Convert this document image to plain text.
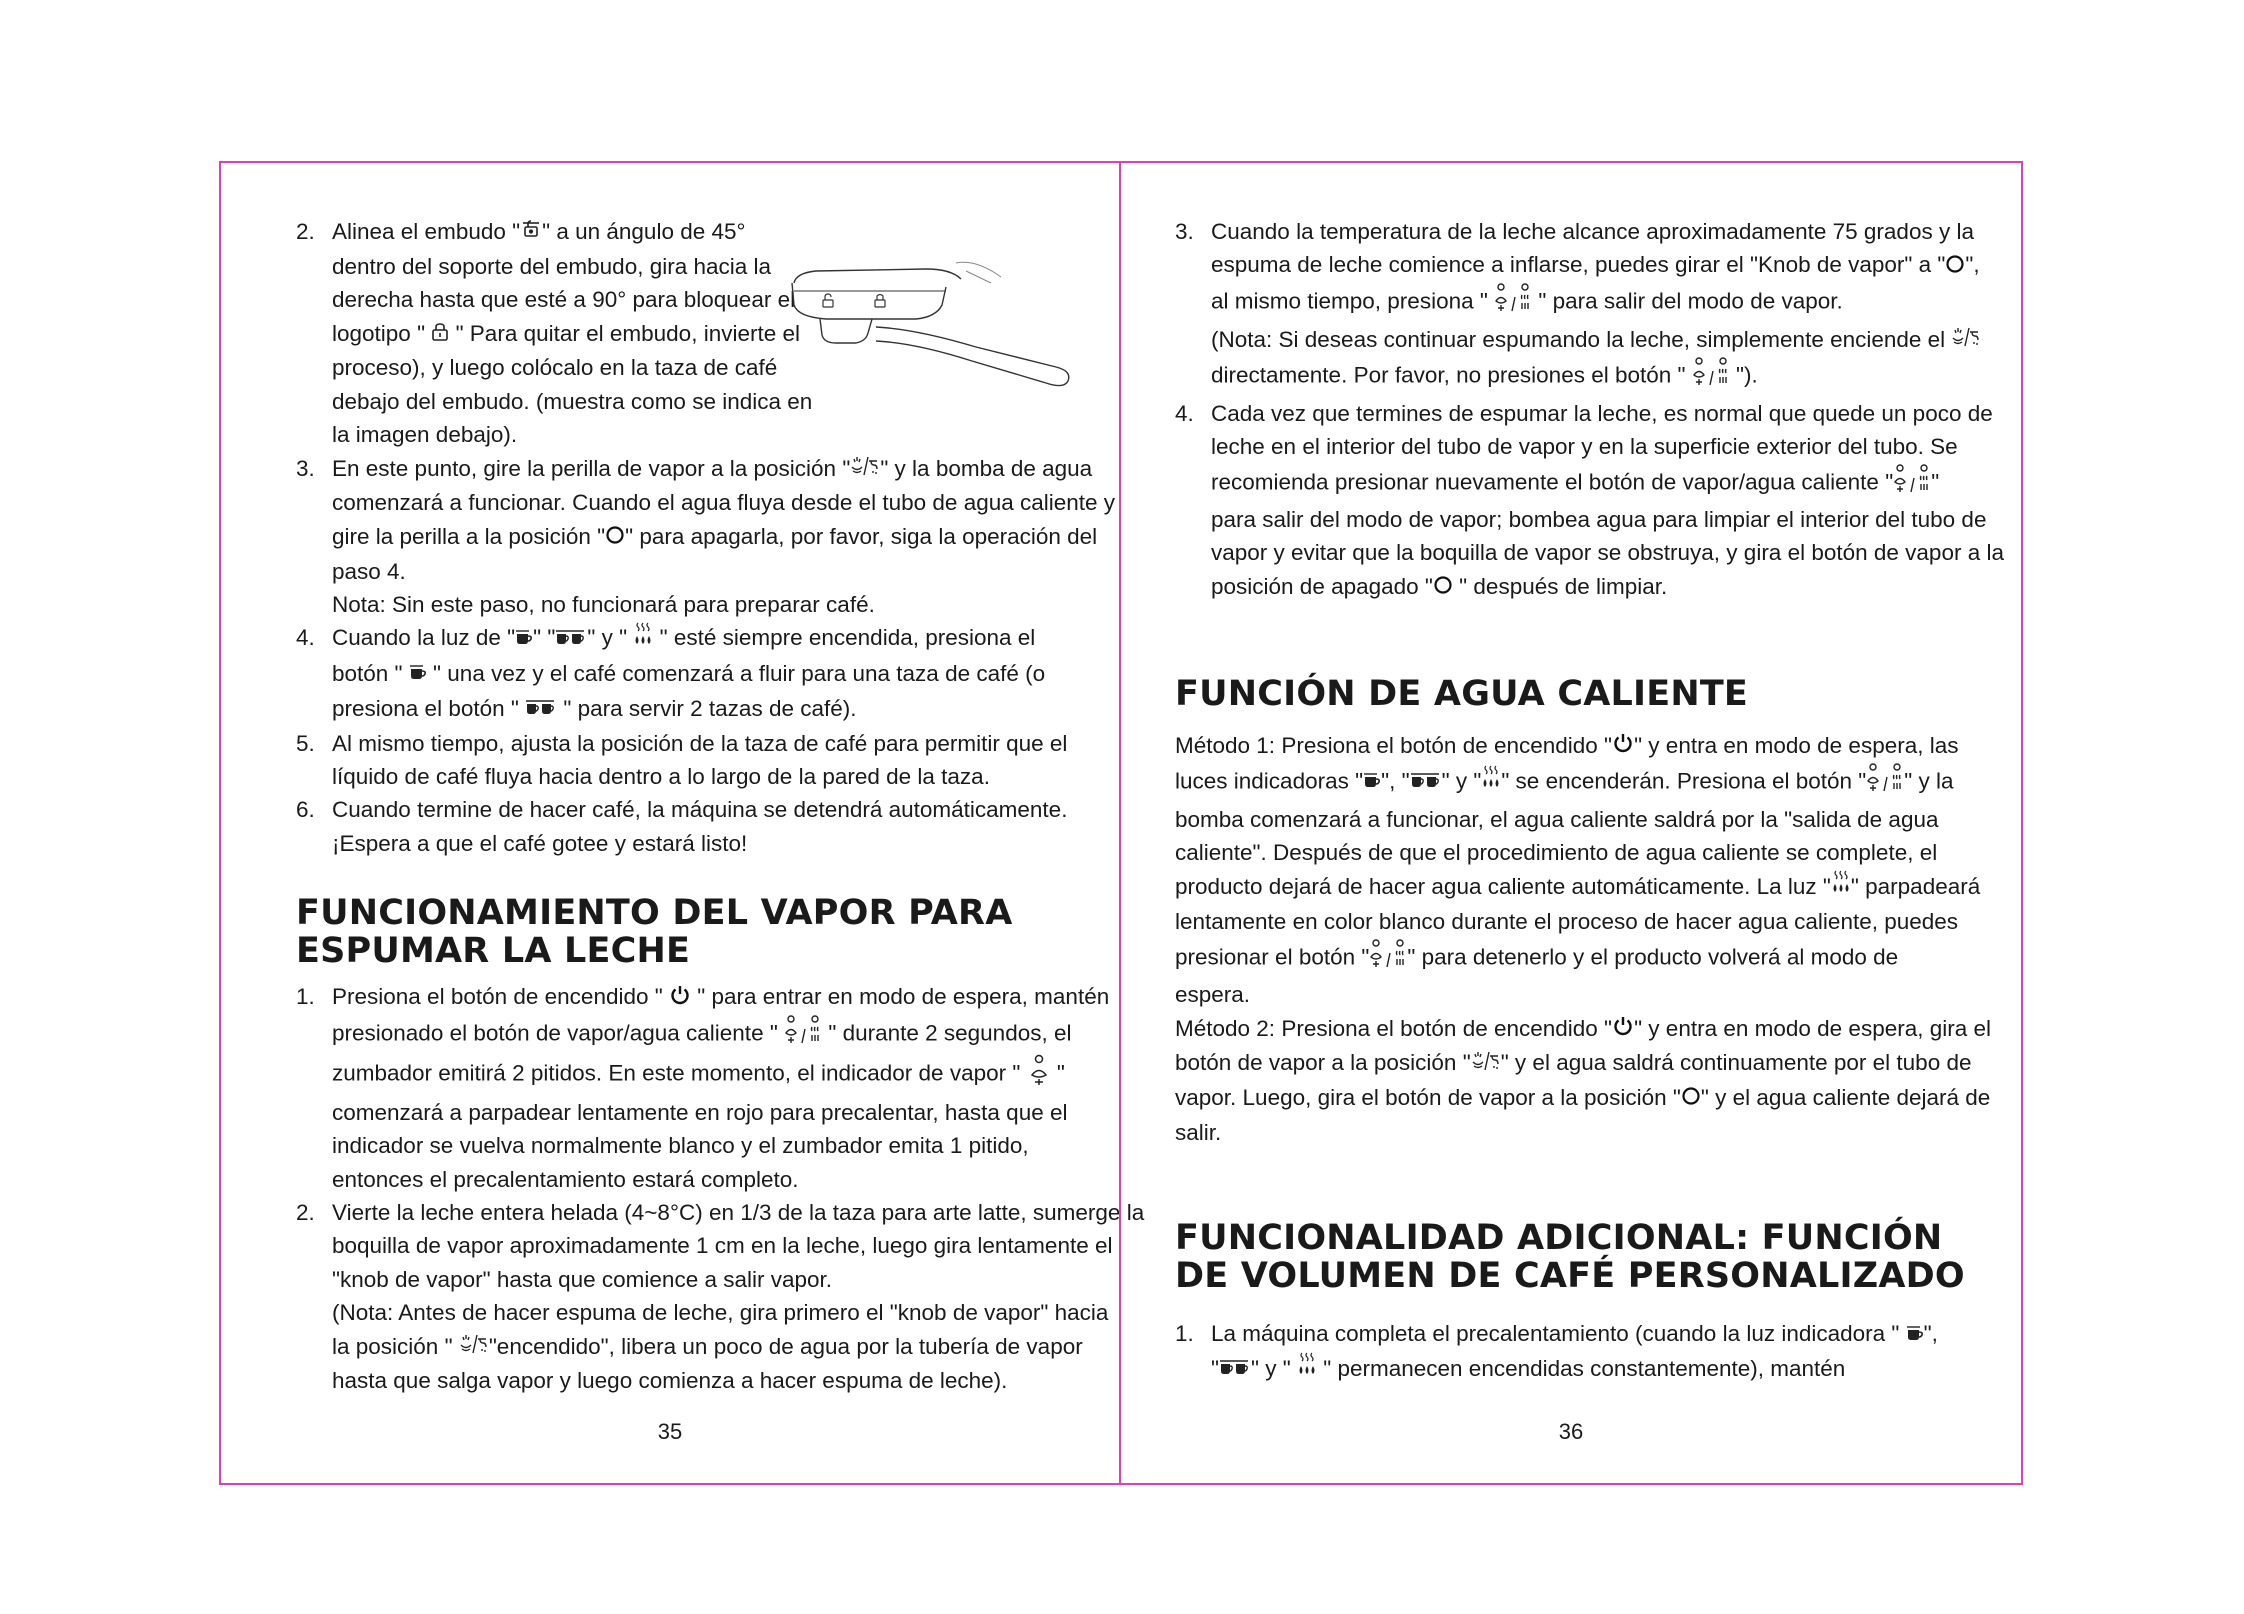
2. Alinea el embudo " " a un ángulo de 45°
dentro del soporte del embudo, gira hacia la
derecha hasta que esté a 90° para bloquear el
logotipo "  " Para quitar el embudo, invierte el
proceso), y luego colócalo en la taza de café
debajo del embudo. (muestra como se indica en
la imagen debajo).
3. En este punto, gire la perilla de vapor a la posición " " y la bomba de agua
comenzará a funcionar. Cuando el agua fluya desde el tubo de agua caliente y
gire la perilla a la posición " " para apagarla, por favor, siga la operación del
paso 4.
Nota: Sin este paso, no funcionará para preparar café.
4. Cuando la luz de " " " " y "  " esté siempre encendida, presiona el
botón "  " una vez y el café comenzará a fluir para una taza de café (o
presiona el botón "  " para servir 2 tazas de café).
5. Al mismo tiempo, ajusta la posición de la taza de café para permitir que el
líquido de café fluya hacia dentro a lo largo de la pared de la taza.
6. Cuando termine de hacer café, la máquina se detendrá automáticamente.
¡Espera a que el café gotee y estará listo!
FUNCIONAMIENTO DEL VAPOR PARA
ESPUMAR LA LECHE
1. Presiona el botón de encendido "  " para entrar en modo de espera, mantén
presionado el botón de vapor/agua caliente "  " durante 2 segundos, el
zumbador emitirá 2 pitidos. En este momento, el indicador de vapor "  "
comenzará a parpadear lentamente en rojo para precalentar, hasta que el
indicador se vuelva normalmente blanco y el zumbador emita 1 pitido,
entonces el precalentamiento estará completo.
2. Vierte la leche entera helada (4~8°C) en 1/3 de la taza para arte latte, sumerge la
boquilla de vapor aproximadamente 1 cm en la leche, luego gira lentamente el
"knob de vapor" hasta que comience a salir vapor.
(Nota: Antes de hacer espuma de leche, gira primero el "knob de vapor" hacia
la posición " "encendido", libera un poco de agua por la tubería de vapor
hasta que salga vapor y luego comienza a hacer espuma de leche).
35
3. Cuando la temperatura de la leche alcance aproximadamente 75 grados y la
espuma de leche comience a inflarse, puedes girar el "Knob de vapor" a " ",
al mismo tiempo, presiona "  " para salir del modo de vapor.
(Nota: Si deseas continuar espumando la leche, simplemente enciende el
directamente. Por favor, no presiones el botón "  ").
4. Cada vez que termines de espumar la leche, es normal que quede un poco de
leche en el interior del tubo de vapor y en la superficie exterior del tubo. Se
recomienda presionar nuevamente el botón de vapor/agua caliente " "
para salir del modo de vapor; bombea agua para limpiar el interior del tubo de
vapor y evitar que la boquilla de vapor se obstruya, y gira el botón de vapor a la
posición de apagado " " después de limpiar.
FUNCIÓN DE AGUA CALIENTE
Método 1: Presiona el botón de encendido " " y entra en modo de espera, las
luces indicadoras " ", " " y " " se encenderán. Presiona el botón " " y la
bomba comenzará a funcionar, el agua caliente saldrá por la "salida de agua
caliente". Después de que el procedimiento de agua caliente se complete, el
producto dejará de hacer agua caliente automáticamente. La luz " " parpadeará
lentamente en color blanco durante el proceso de hacer agua caliente, puedes
presionar el botón " " para detenerlo y el producto volverá al modo de
espera.
Método 2: Presiona el botón de encendido " " y entra en modo de espera, gira el
botón de vapor a la posición " " y el agua saldrá continuamente por el tubo de
vapor. Luego, gira el botón de vapor a la posición " " y el agua caliente dejará de
salir.
FUNCIONALIDAD ADICIONAL: FUNCIÓN
DE VOLUMEN DE CAFÉ PERSONALIZADO
1. La máquina completa el precalentamiento (cuando la luz indicadora " ",
" " y "  " permanecen encendidas constantemente), mantén
36
